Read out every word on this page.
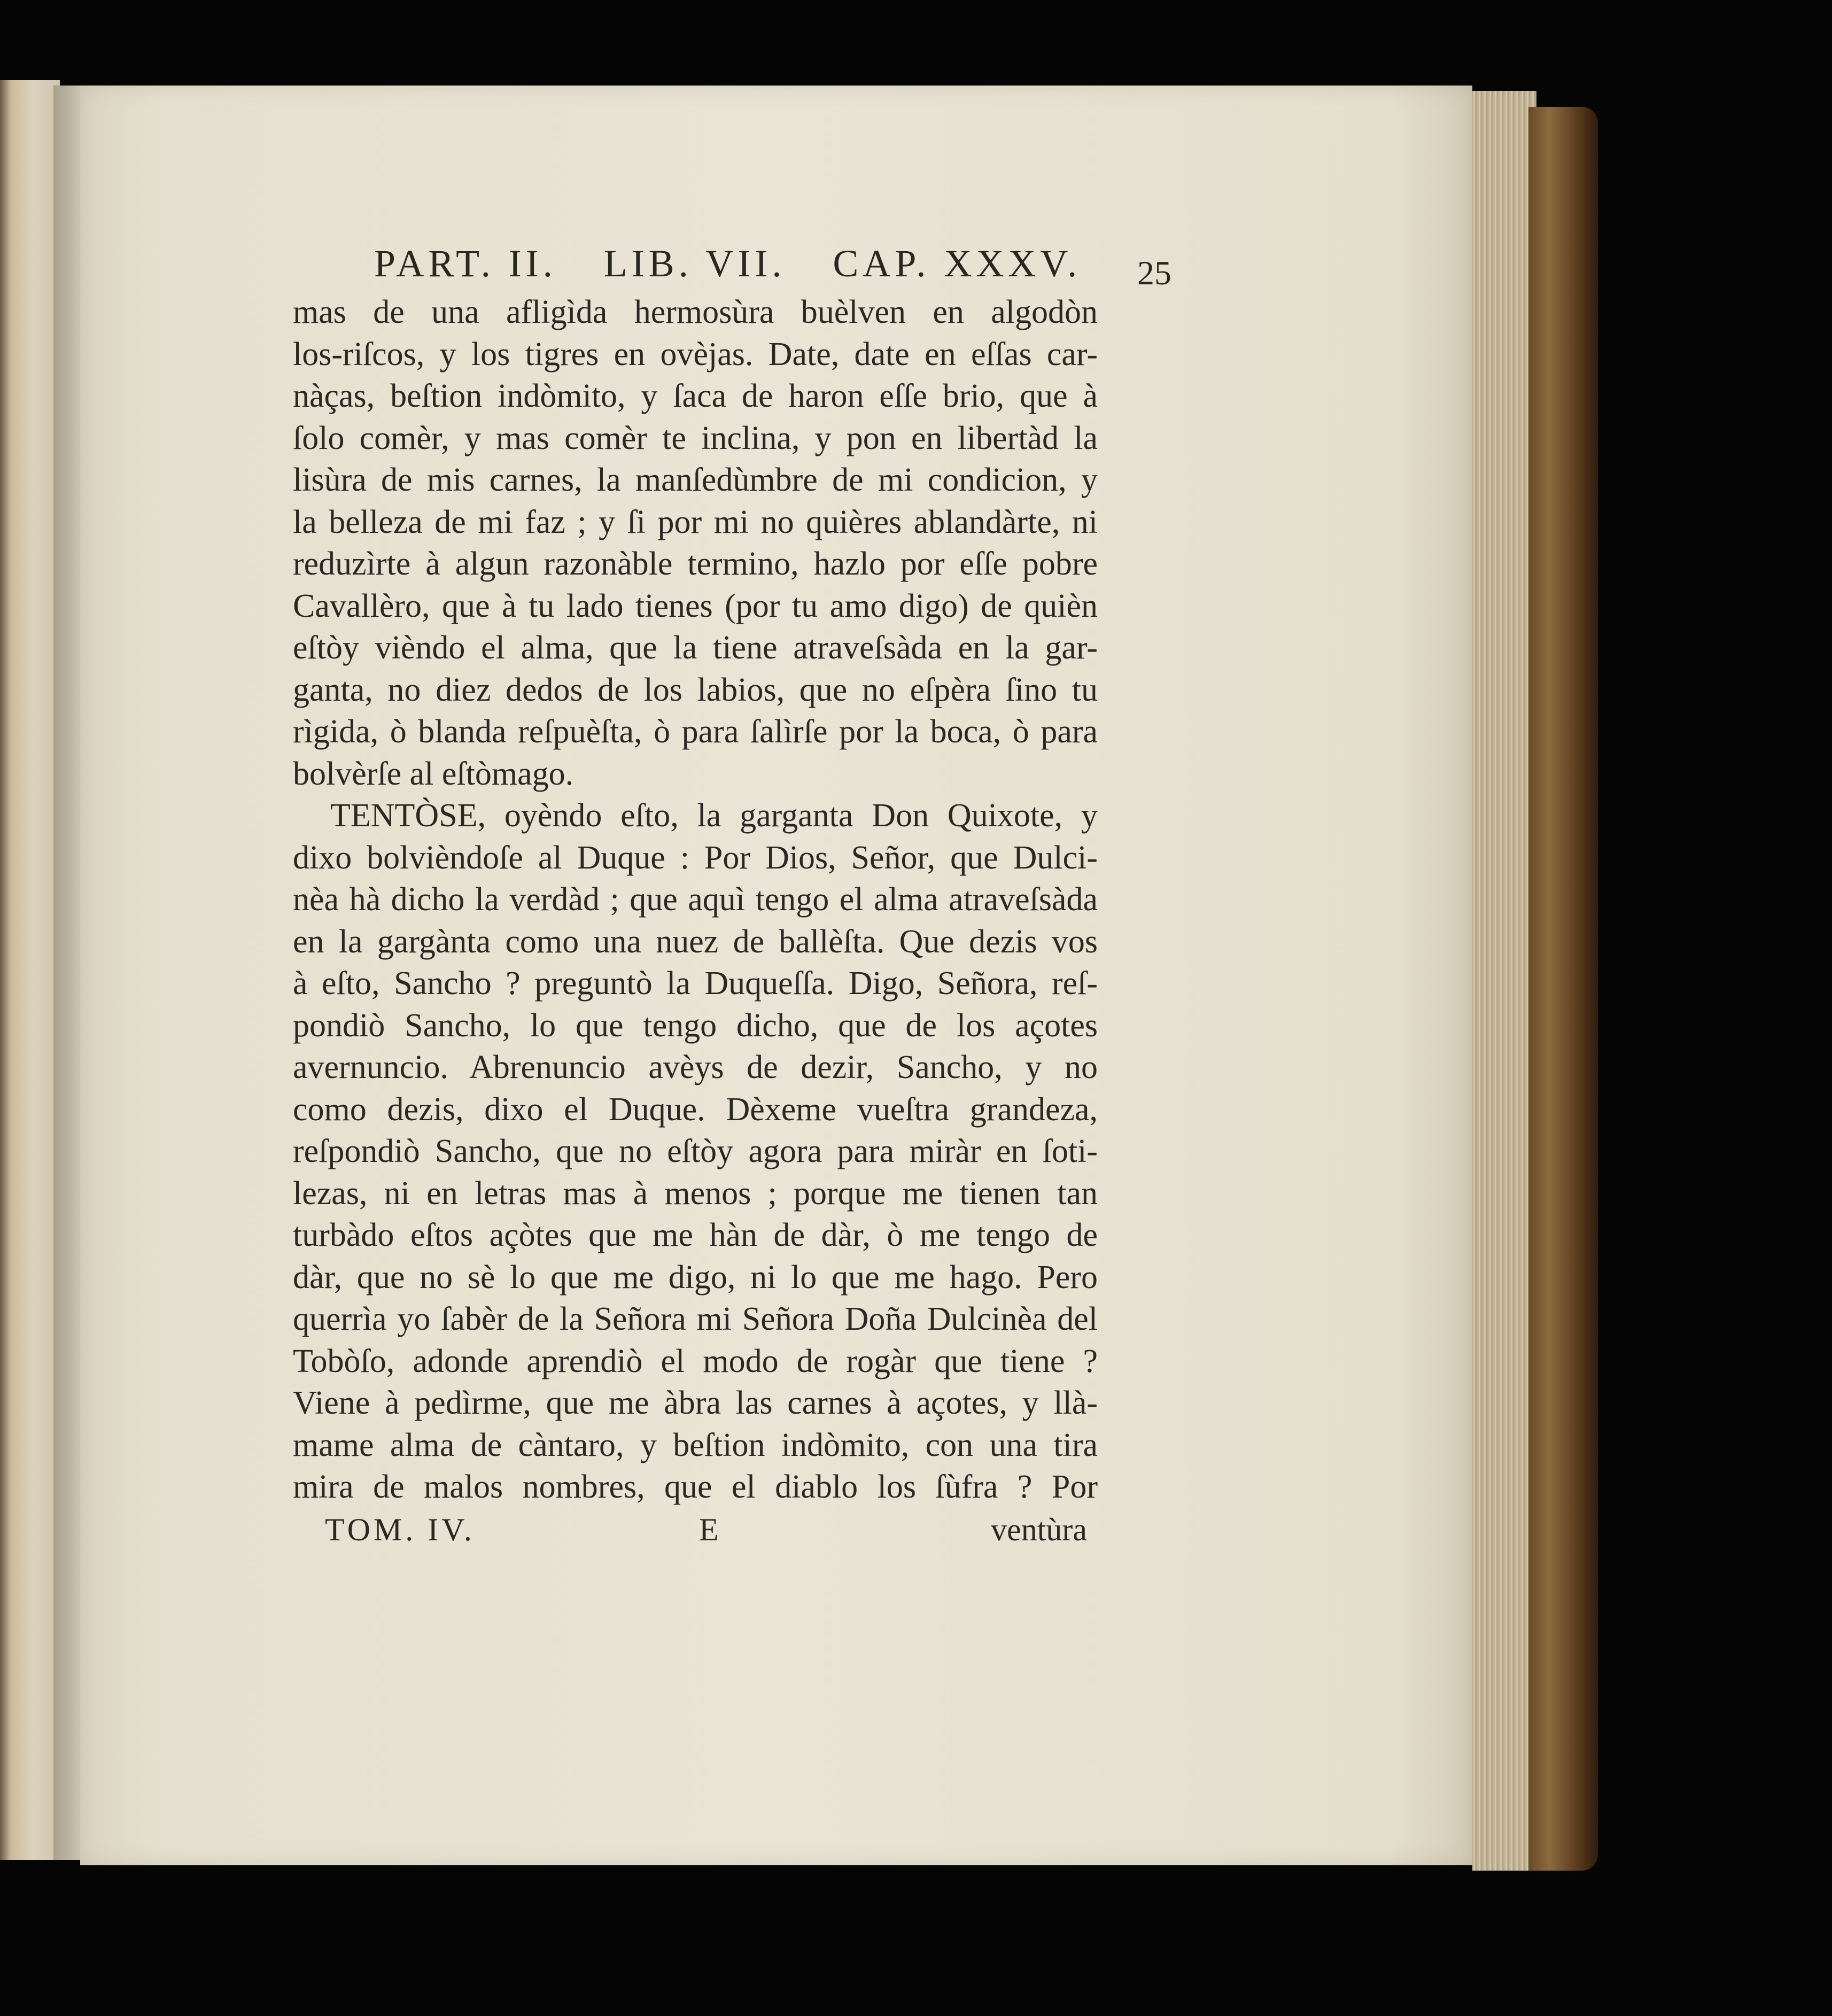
PART. II. LIB. VII. CAP. XXXV.	25
mas de una afligìda hermosùra buèlven en algodòn
los-riſcos, y los tigres en ovèjas. Date, date en eſſas car-
nàças, beſtion indòmito, y ſaca de haron eſſe brio, que à
ſolo comèr, y mas comèr te inclina, y pon en libertàd la
lisùra de mis carnes, la manſedùmbre de mi condicion, y
la belleza de mi faz ; y ſi por mi no quières ablandàrte, ni
reduzìrte à algun razonàble termino, hazlo por eſſe pobre
Cavallèro, que à tu lado tienes (por tu amo digo) de quièn
eſtòy vièndo el alma, que la tiene atraveſsàda en la gar-
ganta, no diez dedos de los labios, que no eſpèra ſino tu
rìgida, ò blanda reſpuèſta, ò para ſalìrſe por la boca, ò para
bolvèrſe al eſtòmago.
TENTÒSE, oyèndo eſto, la garganta Don Quixote, y
dixo bolvièndoſe al Duque : Por Dios, Señor, que Dulci-
nèa hà dicho la verdàd ; que aquì tengo el alma atraveſsàda
en la gargànta como una nuez de ballèſta. Que dezis vos
à eſto, Sancho ? preguntò la Duqueſſa. Digo, Señora, reſ-
pondiò Sancho, lo que tengo dicho, que de los açotes
avernuncio. Abrenuncio avèys de dezir, Sancho, y no
como dezis, dixo el Duque. Dèxeme vueſtra grandeza,
reſpondiò Sancho, que no eſtòy agora para miràr en ſoti-
lezas, ni en letras mas à menos ; porque me tienen tan
turbàdo eſtos açòtes que me hàn de dàr, ò me tengo de
dàr, que no sè lo que me digo, ni lo que me hago. Pero
querrìa yo ſabèr de la Señora mi Señora Doña Dulcinèa del
Tobòſo, adonde aprendiò el modo de rogàr que tiene ?
Viene à pedìrme, que me àbra las carnes à açotes, y llà-
mame alma de càntaro, y beſtion indòmito, con una tira
mira de malos nombres, que el diablo los ſùfra ? Por
TOM. IV.	E	ventùra
